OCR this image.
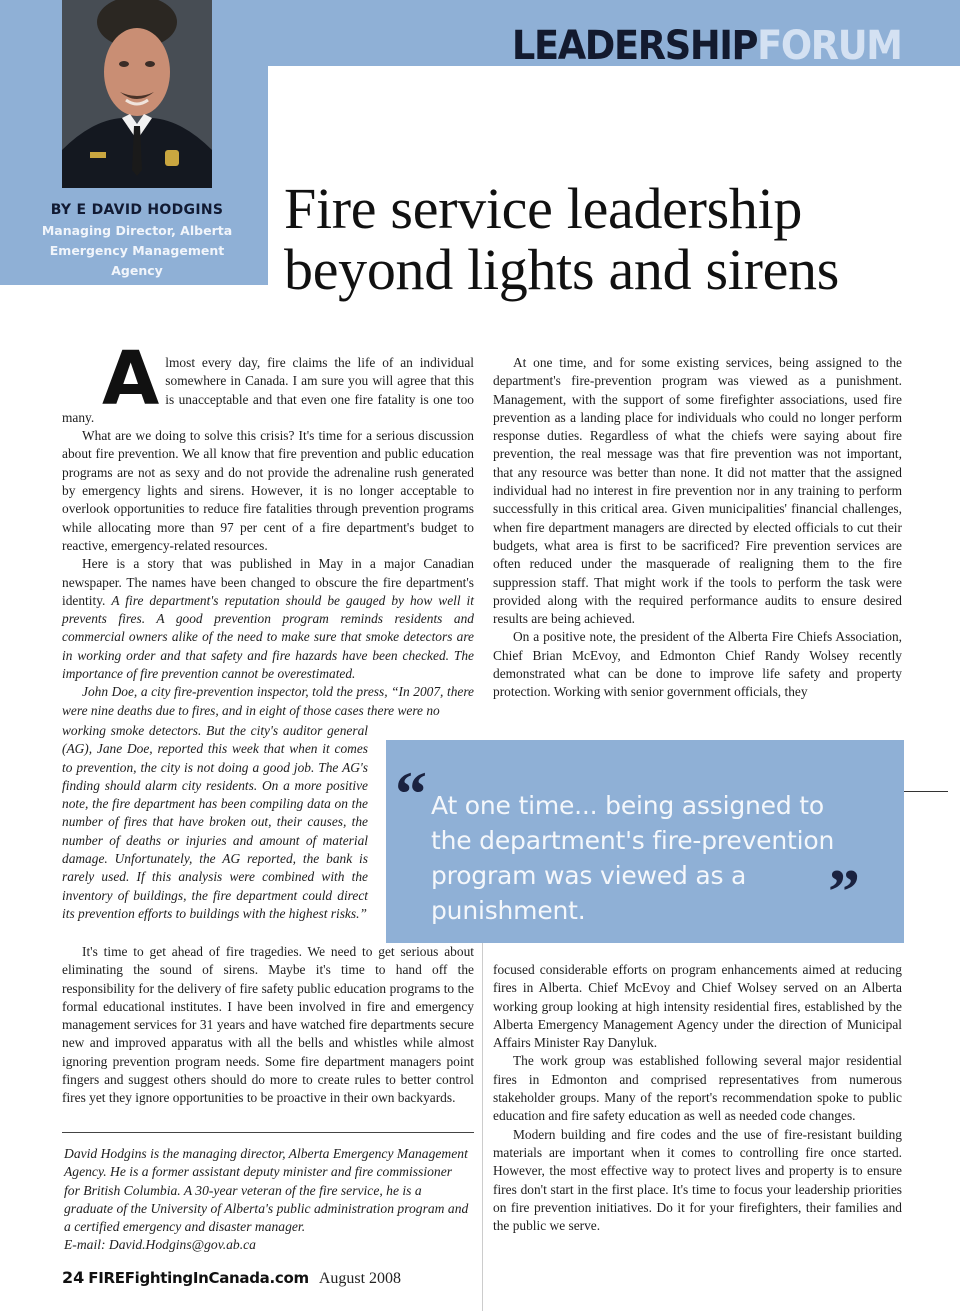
LEADERSHIPFORUM
BY E DAVID HODGINS
Managing Director, Alberta Emergency Management Agency
Fire service leadership
beyond lights and sirens

Almost every day, fire claims the life of an individual somewhere in Canada. I am sure you will agree that this is unacceptable and that even one fire fatality is one too many.

What are we doing to solve this crisis? It's time for a serious discussion about fire prevention. We all know that fire prevention and public education programs are not as sexy and do not provide the adrenaline rush generated by emergency lights and sirens. However, it is no longer acceptable to overlook opportunities to reduce fire fatalities through prevention programs while allocating more than 97 per cent of a fire department's budget to reactive, emergency-related resources.

Here is a story that was published in May in a major Canadian newspaper. The names have been changed to obscure the fire department's identity. A fire department's reputation should be gauged by how well it prevents fires. A good prevention program reminds residents and commercial owners alike of the need to make sure that smoke detectors are in working order and that safety and fire hazards have been checked. The importance of fire prevention cannot be overestimated.

John Doe, a city fire-prevention inspector, told the press, “In 2007, there were nine deaths due to fires, and in eight of those cases there were no

working smoke detectors. But the city's auditor general (AG), Jane Doe, reported this week that when it comes to prevention, the city is not doing a good job. The AG's finding should alarm city residents. On a more positive note, the fire department has been compiling data on the number of fires that have broken out, their causes, the number of deaths or injuries and amount of material damage. Unfortunately, the AG reported, the bank is rarely used. If this analysis were combined with the inventory of buildings, the fire department could direct its prevention efforts to buildings with the highest risks.”

It's time to get ahead of fire tragedies. We need to get serious about eliminating the sound of sirens. Maybe it's time to hand off the responsibility for the delivery of fire safety public education programs to the formal educational institutes. I have been involved in fire and emergency management services for 31 years and have watched fire departments secure new and improved apparatus with all the bells and whistles while almost ignoring prevention program needs. Some fire department managers point fingers and suggest others should do more to create rules to better control fires yet they ignore opportunities to be proactive in their own backyards.

At one time, and for some existing services, being assigned to the department's fire-prevention program was viewed as a punishment. Management, with the support of some firefighter associations, used fire prevention as a landing place for individuals who could no longer perform response duties. Regardless of what the chiefs were saying about fire prevention, the real message was that fire prevention was not important, that any resource was better than none. It did not matter that the assigned individual had no interest in fire prevention nor in any training to perform successfully in this critical area. Given municipalities' financial challenges, when fire department managers are directed by elected officials to cut their budgets, what area is first to be sacrificed? Fire prevention services are often reduced under the masquerade of realigning them to the fire suppression staff. That might work if the tools to perform the task were provided along with the required performance audits to ensure desired results are being achieved.

On a positive note, the president of the Alberta Fire Chiefs Association, Chief Brian McEvoy, and Edmonton Chief Randy Wolsey recently demonstrated what can be done to improve life safety and property protection. Working with senior government officials, they

“ At one time... being assigned to the department's fire-prevention program was viewed as a punishment.	”

focused considerable efforts on program enhancements aimed at reducing fires in Alberta. Chief McEvoy and Chief Wolsey served on an Alberta working group looking at high intensity residential fires, established by the Alberta Emergency Management Agency under the direction of Municipal Affairs Minister Ray Danyluk.

The work group was established following several major residential fires in Edmonton and comprised representatives from numerous stakeholder groups. Many of the report's recommendation spoke to public education and fire safety education as well as needed code changes.

Modern building and fire codes and the use of fire-resistant building materials are important when it comes to controlling fire once started. However, the most effective way to protect lives and property is to ensure fires don't start in the first place. It's time to focus your leadership priorities on fire prevention initiatives. Do it for your firefighters, their families and the public we serve.

David Hodgins is the managing director, Alberta Emergency Management Agency. He is a former assistant deputy minister and fire commissioner for British Columbia. A 30-year veteran of the fire service, he is a graduate of the University of Alberta's public administration program and a certified emergency and disaster manager.
E-mail: David.Hodgins@gov.ab.ca
24 FIREFightingInCanada.com August 2008
